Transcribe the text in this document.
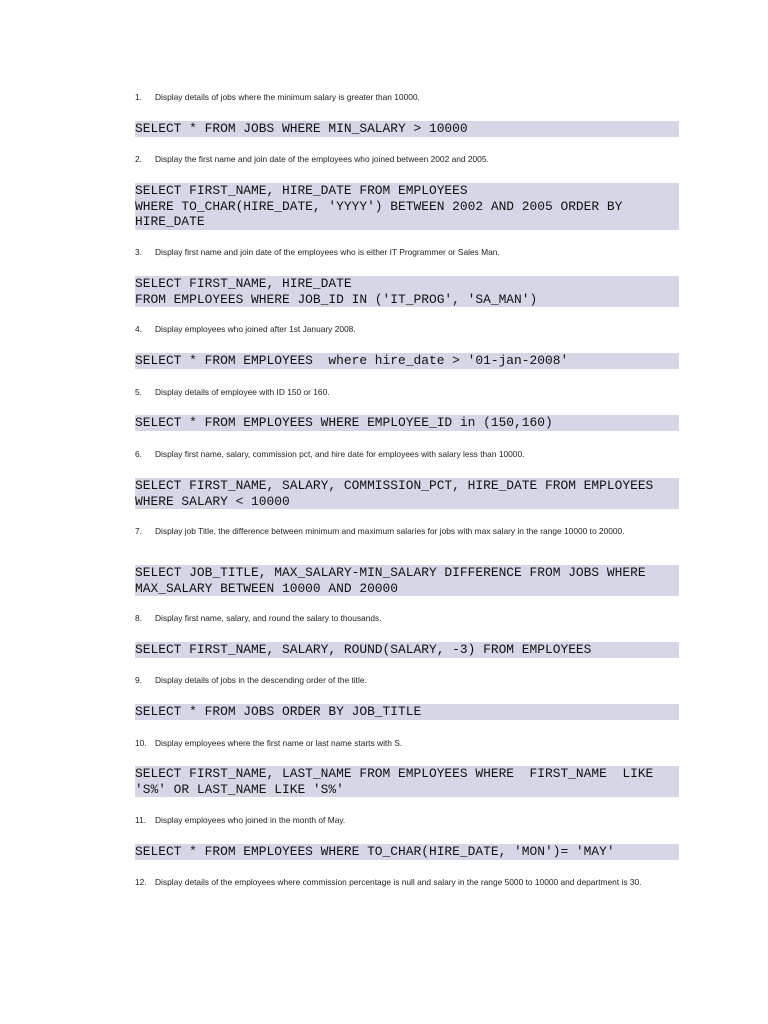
1. Display details of jobs where the minimum salary is greater than 10000.
SELECT * FROM JOBS WHERE MIN_SALARY > 10000
2. Display the first name and join date of the employees who joined between 2002 and 2005.
SELECT FIRST_NAME, HIRE_DATE FROM EMPLOYEES
WHERE TO_CHAR(HIRE_DATE, 'YYYY') BETWEEN 2002 AND 2005 ORDER BY
HIRE_DATE
3. Display first name and join date of the employees who is either IT Programmer or Sales Man.
SELECT FIRST_NAME, HIRE_DATE
FROM EMPLOYEES WHERE JOB_ID IN ('IT_PROG', 'SA_MAN')
4. Display employees who joined after 1st January 2008.
SELECT * FROM EMPLOYEES  where hire_date > '01-jan-2008'
5. Display details of employee with ID 150 or 160.
SELECT * FROM EMPLOYEES WHERE EMPLOYEE_ID in (150,160)
6. Display first name, salary, commission pct, and hire date for employees with salary less than 10000.
SELECT FIRST_NAME, SALARY, COMMISSION_PCT, HIRE_DATE FROM EMPLOYEES
WHERE SALARY < 10000
7. Display job Title, the difference between minimum and maximum salaries for jobs with max salary in the range 10000 to 20000.
SELECT JOB_TITLE, MAX_SALARY-MIN_SALARY DIFFERENCE FROM JOBS WHERE
MAX_SALARY BETWEEN 10000 AND 20000
8. Display first name, salary, and round the salary to thousands.
SELECT FIRST_NAME, SALARY, ROUND(SALARY, -3) FROM EMPLOYEES
9. Display details of jobs in the descending order of the title.
SELECT * FROM JOBS ORDER BY JOB_TITLE
10. Display employees where the first name or last name starts with S.
SELECT FIRST_NAME, LAST_NAME FROM EMPLOYEES WHERE  FIRST_NAME  LIKE
'S%' OR LAST_NAME LIKE 'S%'
11. Display employees who joined in the month of May.
SELECT * FROM EMPLOYEES WHERE TO_CHAR(HIRE_DATE, 'MON')= 'MAY'
12. Display details of the employees where commission percentage is null and salary in the range 5000 to 10000 and department is 30.
